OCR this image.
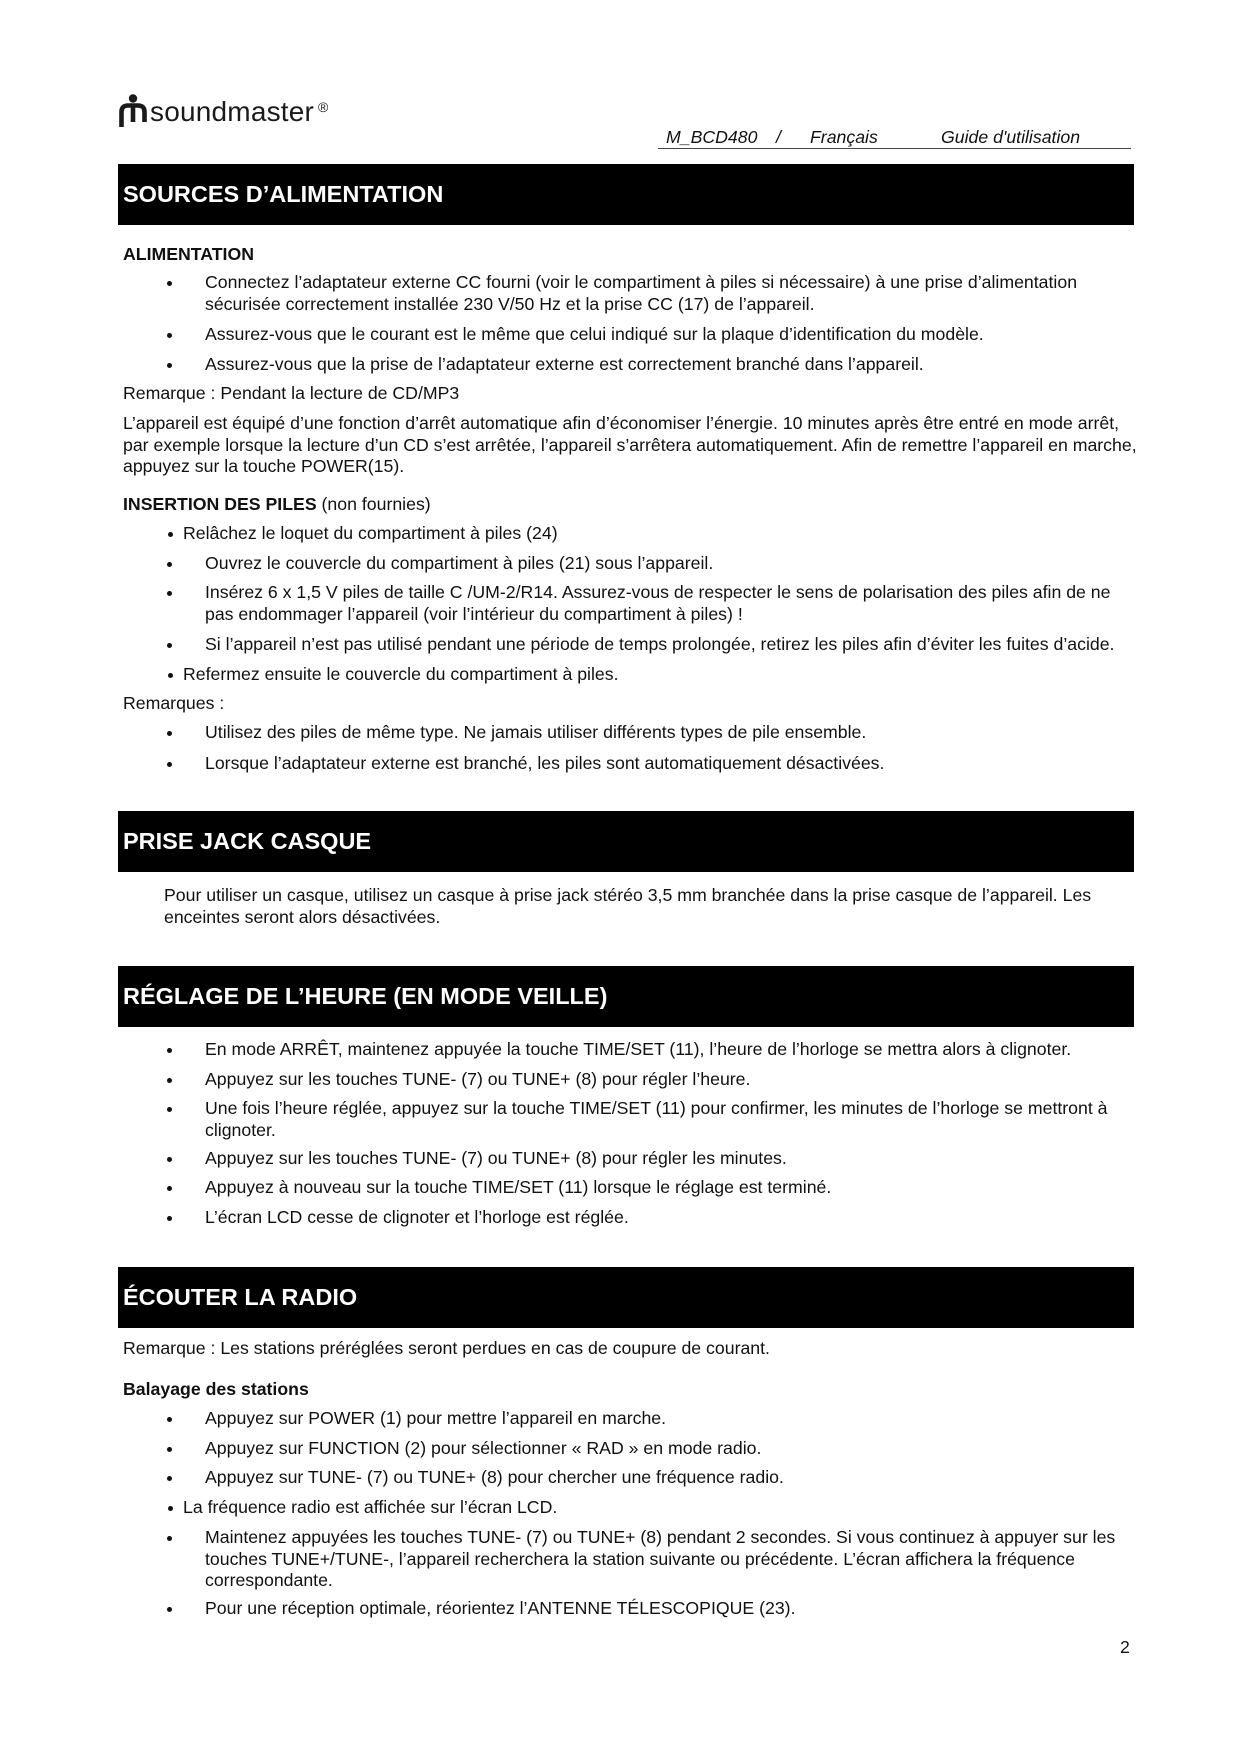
soundmaster ®
M_BCD480 / Français	Guide d'utilisation
SOURCES D’ALIMENTATION
ALIMENTATION
Connectez l’adaptateur externe CC fourni (voir le compartiment à piles si nécessaire) à une prise d’alimentation
sécurisée correctement installée 230 V/50 Hz et la prise CC (17) de l’appareil.
Assurez-vous que le courant est le même que celui indiqué sur la plaque d’identification du modèle.
Assurez-vous que la prise de l’adaptateur externe est correctement branché dans l’appareil.
Remarque : Pendant la lecture de CD/MP3
L’appareil est équipé d’une fonction d’arrêt automatique afin d’économiser l’énergie. 10 minutes après être entré en mode arrêt,
par exemple lorsque la lecture d’un CD s’est arrêtée, l’appareil s’arrêtera automatiquement. Afin de remettre l’appareil en marche,
appuyez sur la touche POWER(15).
INSERTION DES PILES (non fournies)
Relâchez le loquet du compartiment à piles (24)
Ouvrez le couvercle du compartiment à piles (21) sous l’appareil.
Insérez 6 x 1,5 V piles de taille C /UM-2/R14. Assurez-vous de respecter le sens de polarisation des piles afin de ne
pas endommager l’appareil (voir l’intérieur du compartiment à piles) !
Si l’appareil n’est pas utilisé pendant une période de temps prolongée, retirez les piles afin d’éviter les fuites d’acide.
Refermez ensuite le couvercle du compartiment à piles.
Remarques :
Utilisez des piles de même type. Ne jamais utiliser différents types de pile ensemble.
Lorsque l’adaptateur externe est branché, les piles sont automatiquement désactivées.
PRISE JACK CASQUE
Pour utiliser un casque, utilisez un casque à prise jack stéréo 3,5 mm branchée dans la prise casque de l’appareil. Les
enceintes seront alors désactivées.
RÉGLAGE DE L’HEURE (EN MODE VEILLE)
En mode ARRÊT, maintenez appuyée la touche TIME/SET (11), l’heure de l’horloge se mettra alors à clignoter.
Appuyez sur les touches TUNE- (7) ou TUNE+ (8) pour régler l’heure.
Une fois l’heure réglée, appuyez sur la touche TIME/SET (11) pour confirmer, les minutes de l’horloge se mettront à
clignoter.
Appuyez sur les touches TUNE- (7) ou TUNE+ (8) pour régler les minutes.
Appuyez à nouveau sur la touche TIME/SET (11) lorsque le réglage est terminé.
L’écran LCD cesse de clignoter et l’horloge est réglée.
ÉCOUTER LA RADIO
Remarque : Les stations préréglées seront perdues en cas de coupure de courant.
Balayage des stations
Appuyez sur POWER (1) pour mettre l’appareil en marche.
Appuyez sur FUNCTION (2) pour sélectionner « RAD » en mode radio.
Appuyez sur TUNE- (7) ou TUNE+ (8) pour chercher une fréquence radio.
La fréquence radio est affichée sur l’écran LCD.
Maintenez appuyées les touches TUNE- (7) ou TUNE+ (8) pendant 2 secondes. Si vous continuez à appuyer sur les
touches TUNE+/TUNE-, l’appareil recherchera la station suivante ou précédente. L’écran affichera la fréquence
correspondante.
Pour une réception optimale, réorientez l’ANTENNE TÉLESCOPIQUE (23).
2
